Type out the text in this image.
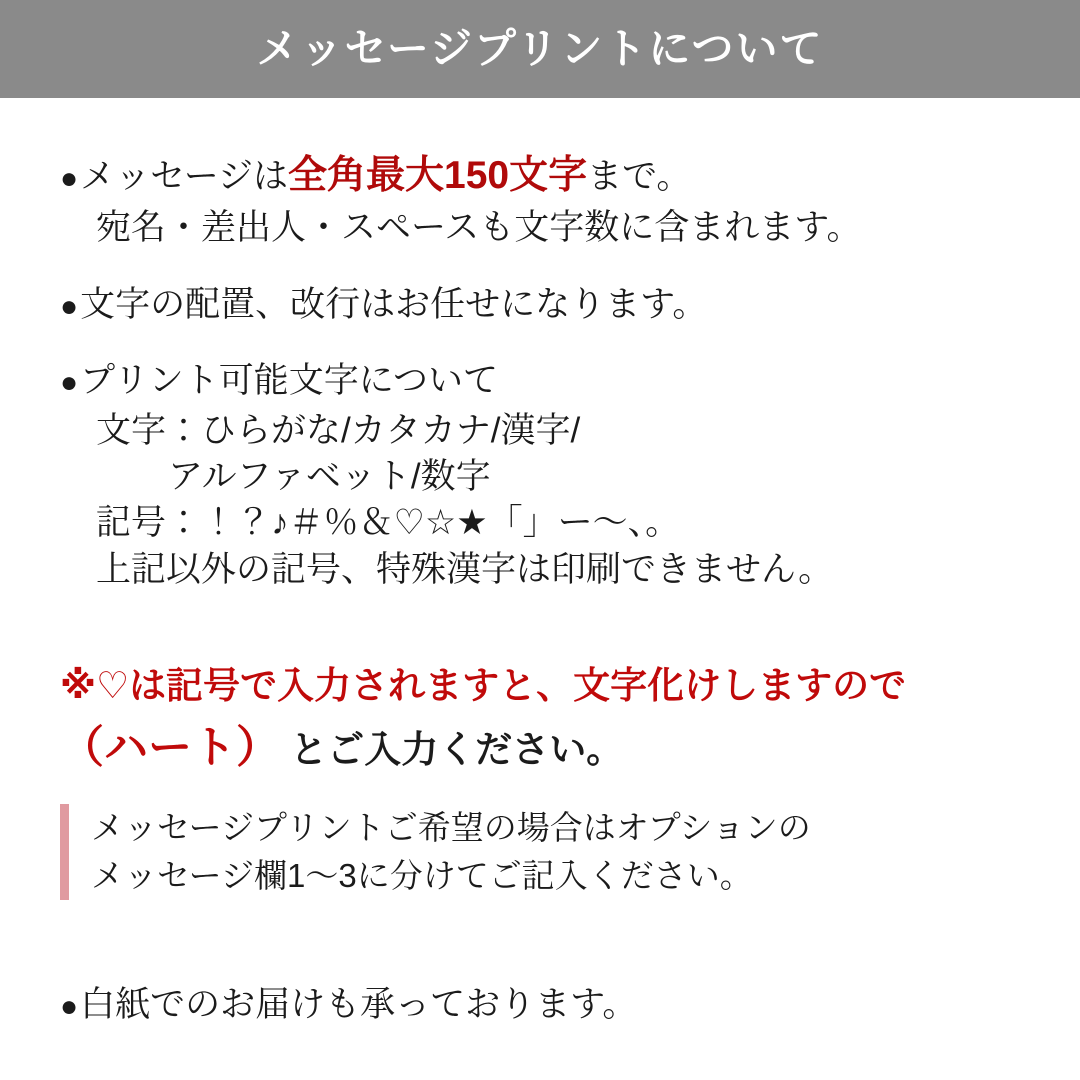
メッセージプリントについて
● メッセージは 全角最大150文字 まで。
宛名・差出人・スペースも文字数に含まれます。
● 文字の配置、改行はお任せになります。
● プリント可能文字について
文字：ひらがな/カタカナ/漢字/
アルファベット/数字
記号：！？♪＃％＆♡☆★「」ー〜、。
上記以外の記号、特殊漢字は印刷できません。
※♡は記号で入力されますと、文字化けしますので
（ハート） とご入力ください。
メッセージプリントご希望の場合はオプションの
メッセージ欄1〜3に分けてご記入ください。
● 白紙でのお届けも承っております。
